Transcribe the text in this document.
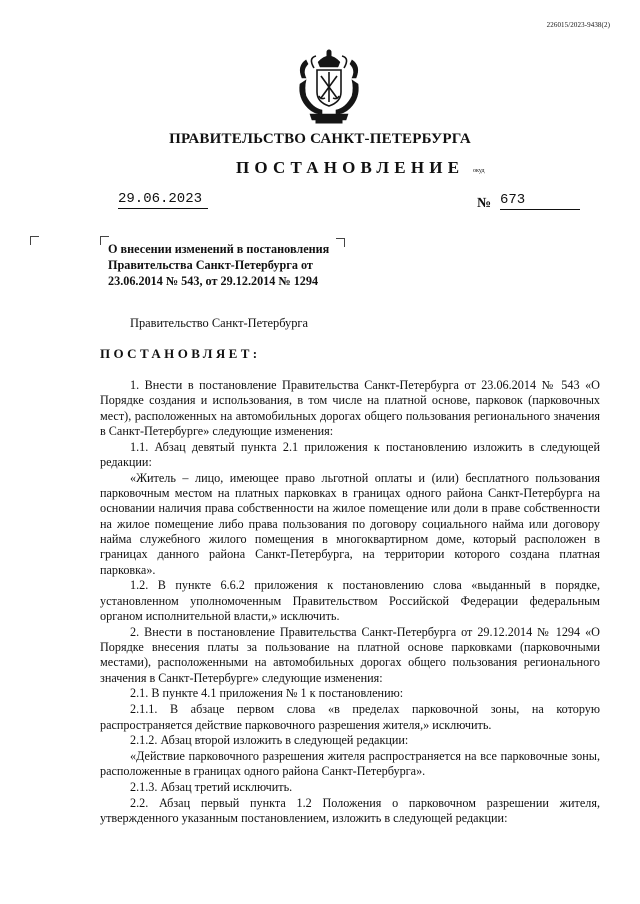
226015/2023-9438(2)
ПРАВИТЕЛЬСТВО САНКТ-ПЕТЕРБУРГА
ПОСТАНОВЛЕНИЕ окуд
29.06.2023	№ 673
О внесении изменений в постановления Правительства Санкт-Петербурга от 23.06.2014 № 543, от 29.12.2014 № 1294
Правительство Санкт-Петербурга
ПОСТАНОВЛЯЕТ:

1. Внести в постановление Правительства Санкт-Петербурга от 23.06.2014 № 543 «О Порядке создания и использования, в том числе на платной основе, парковок (парковочных мест), расположенных на автомобильных дорогах общего пользования регионального значения в Санкт-Петербурге» следующие изменения:

1.1. Абзац девятый пункта 2.1 приложения к постановлению изложить в следующей редакции:

«Житель – лицо, имеющее право льготной оплаты и (или) бесплатного пользования парковочным местом на платных парковках в границах одного района Санкт-Петербурга на основании наличия права собственности на жилое помещение или доли в праве собственности на жилое помещение либо права пользования по договору социального найма или договору найма служебного жилого помещения в многоквартирном доме, который расположен в границах данного района Санкт-Петербурга, на территории которого создана платная парковка».

1.2. В пункте 6.6.2 приложения к постановлению слова «выданный в порядке, установленном уполномоченным Правительством Российской Федерации федеральным органом исполнительной власти,» исключить.

2. Внести в постановление Правительства Санкт-Петербурга от 29.12.2014 № 1294 «О Порядке внесения платы за пользование на платной основе парковками (парковочными местами), расположенными на автомобильных дорогах общего пользования регионального значения в Санкт-Петербурге» следующие изменения:

2.1. В пункте 4.1 приложения № 1 к постановлению:

2.1.1. В абзаце первом слова «в пределах парковочной зоны, на которую распространяется действие парковочного разрешения жителя,» исключить.

2.1.2. Абзац второй изложить в следующей редакции:

«Действие парковочного разрешения жителя распространяется на все парковочные зоны, расположенные в границах одного района Санкт-Петербурга».

2.1.3. Абзац третий исключить.

2.2. Абзац первый пункта 1.2 Положения о парковочном разрешении жителя, утвержденного указанным постановлением, изложить в следующей редакции:
